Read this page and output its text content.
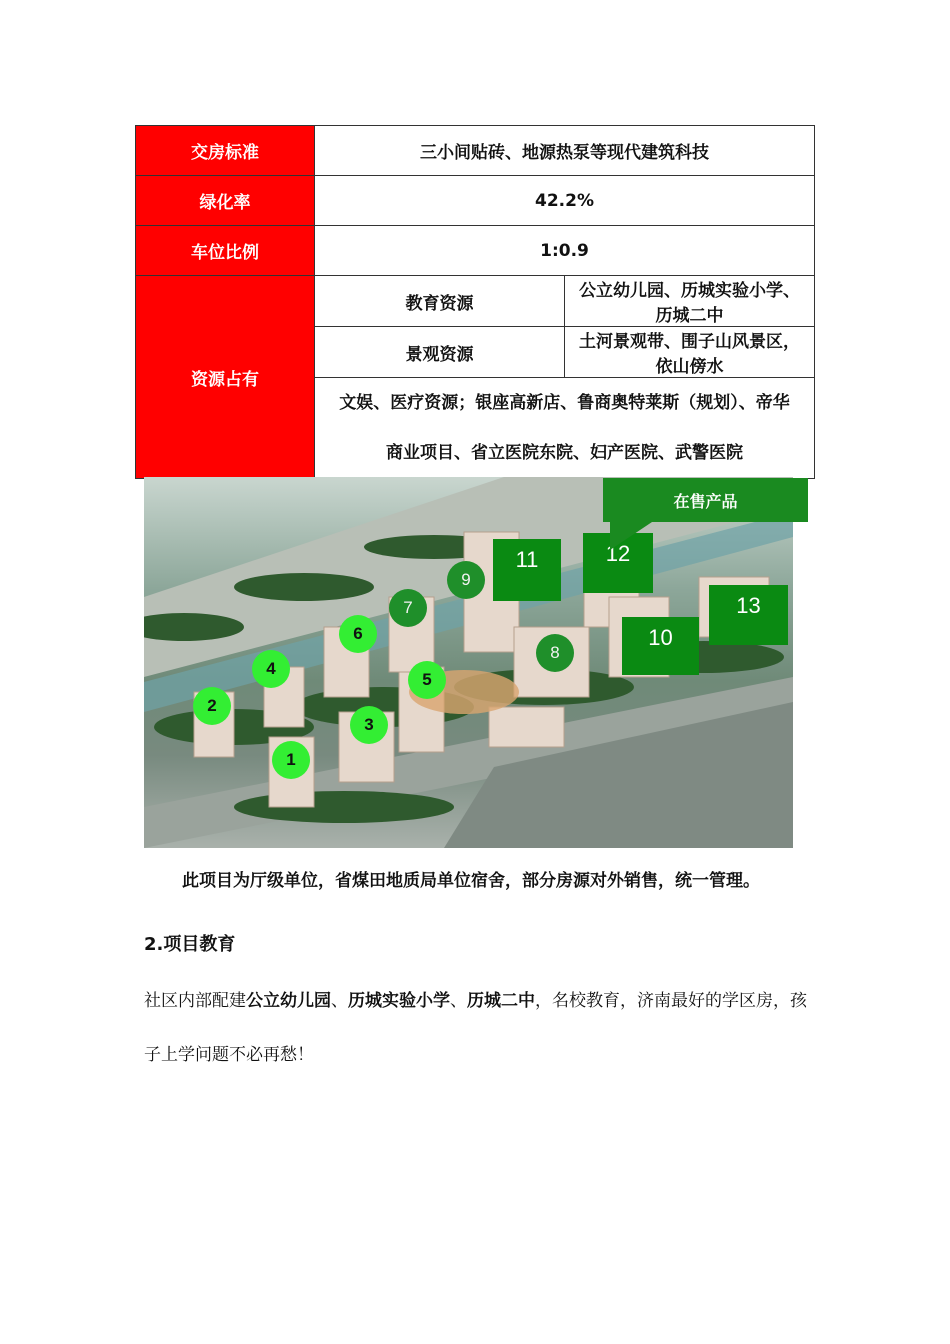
交房标准	三小间贴砖、地源热泵等现代建筑科技	
绿化率	42.2%	
车位比例	1:0.9	
资源占有	教育资源	公立幼儿园、历城实验小学、历城二中
	景观资源	土河景观带、围子山风景区，依山傍水

	文娱、医疗资源；银座高新店、鲁商奥特莱斯（规划）、帝华
商业项目、省立医院东院、妇产医院、武警医院	
1
2
3
4
5
6
7
8
9
10
11	12
13
在售产品
此项目为厅级单位，省煤田地质局单位宿舍，部分房源对外销售，统一管理。
2.项目教育
社区内部配建公立幼儿园、历城实验小学、历城二中，名校教育，济南最好的学区房，孩子上学问题不必再愁！
